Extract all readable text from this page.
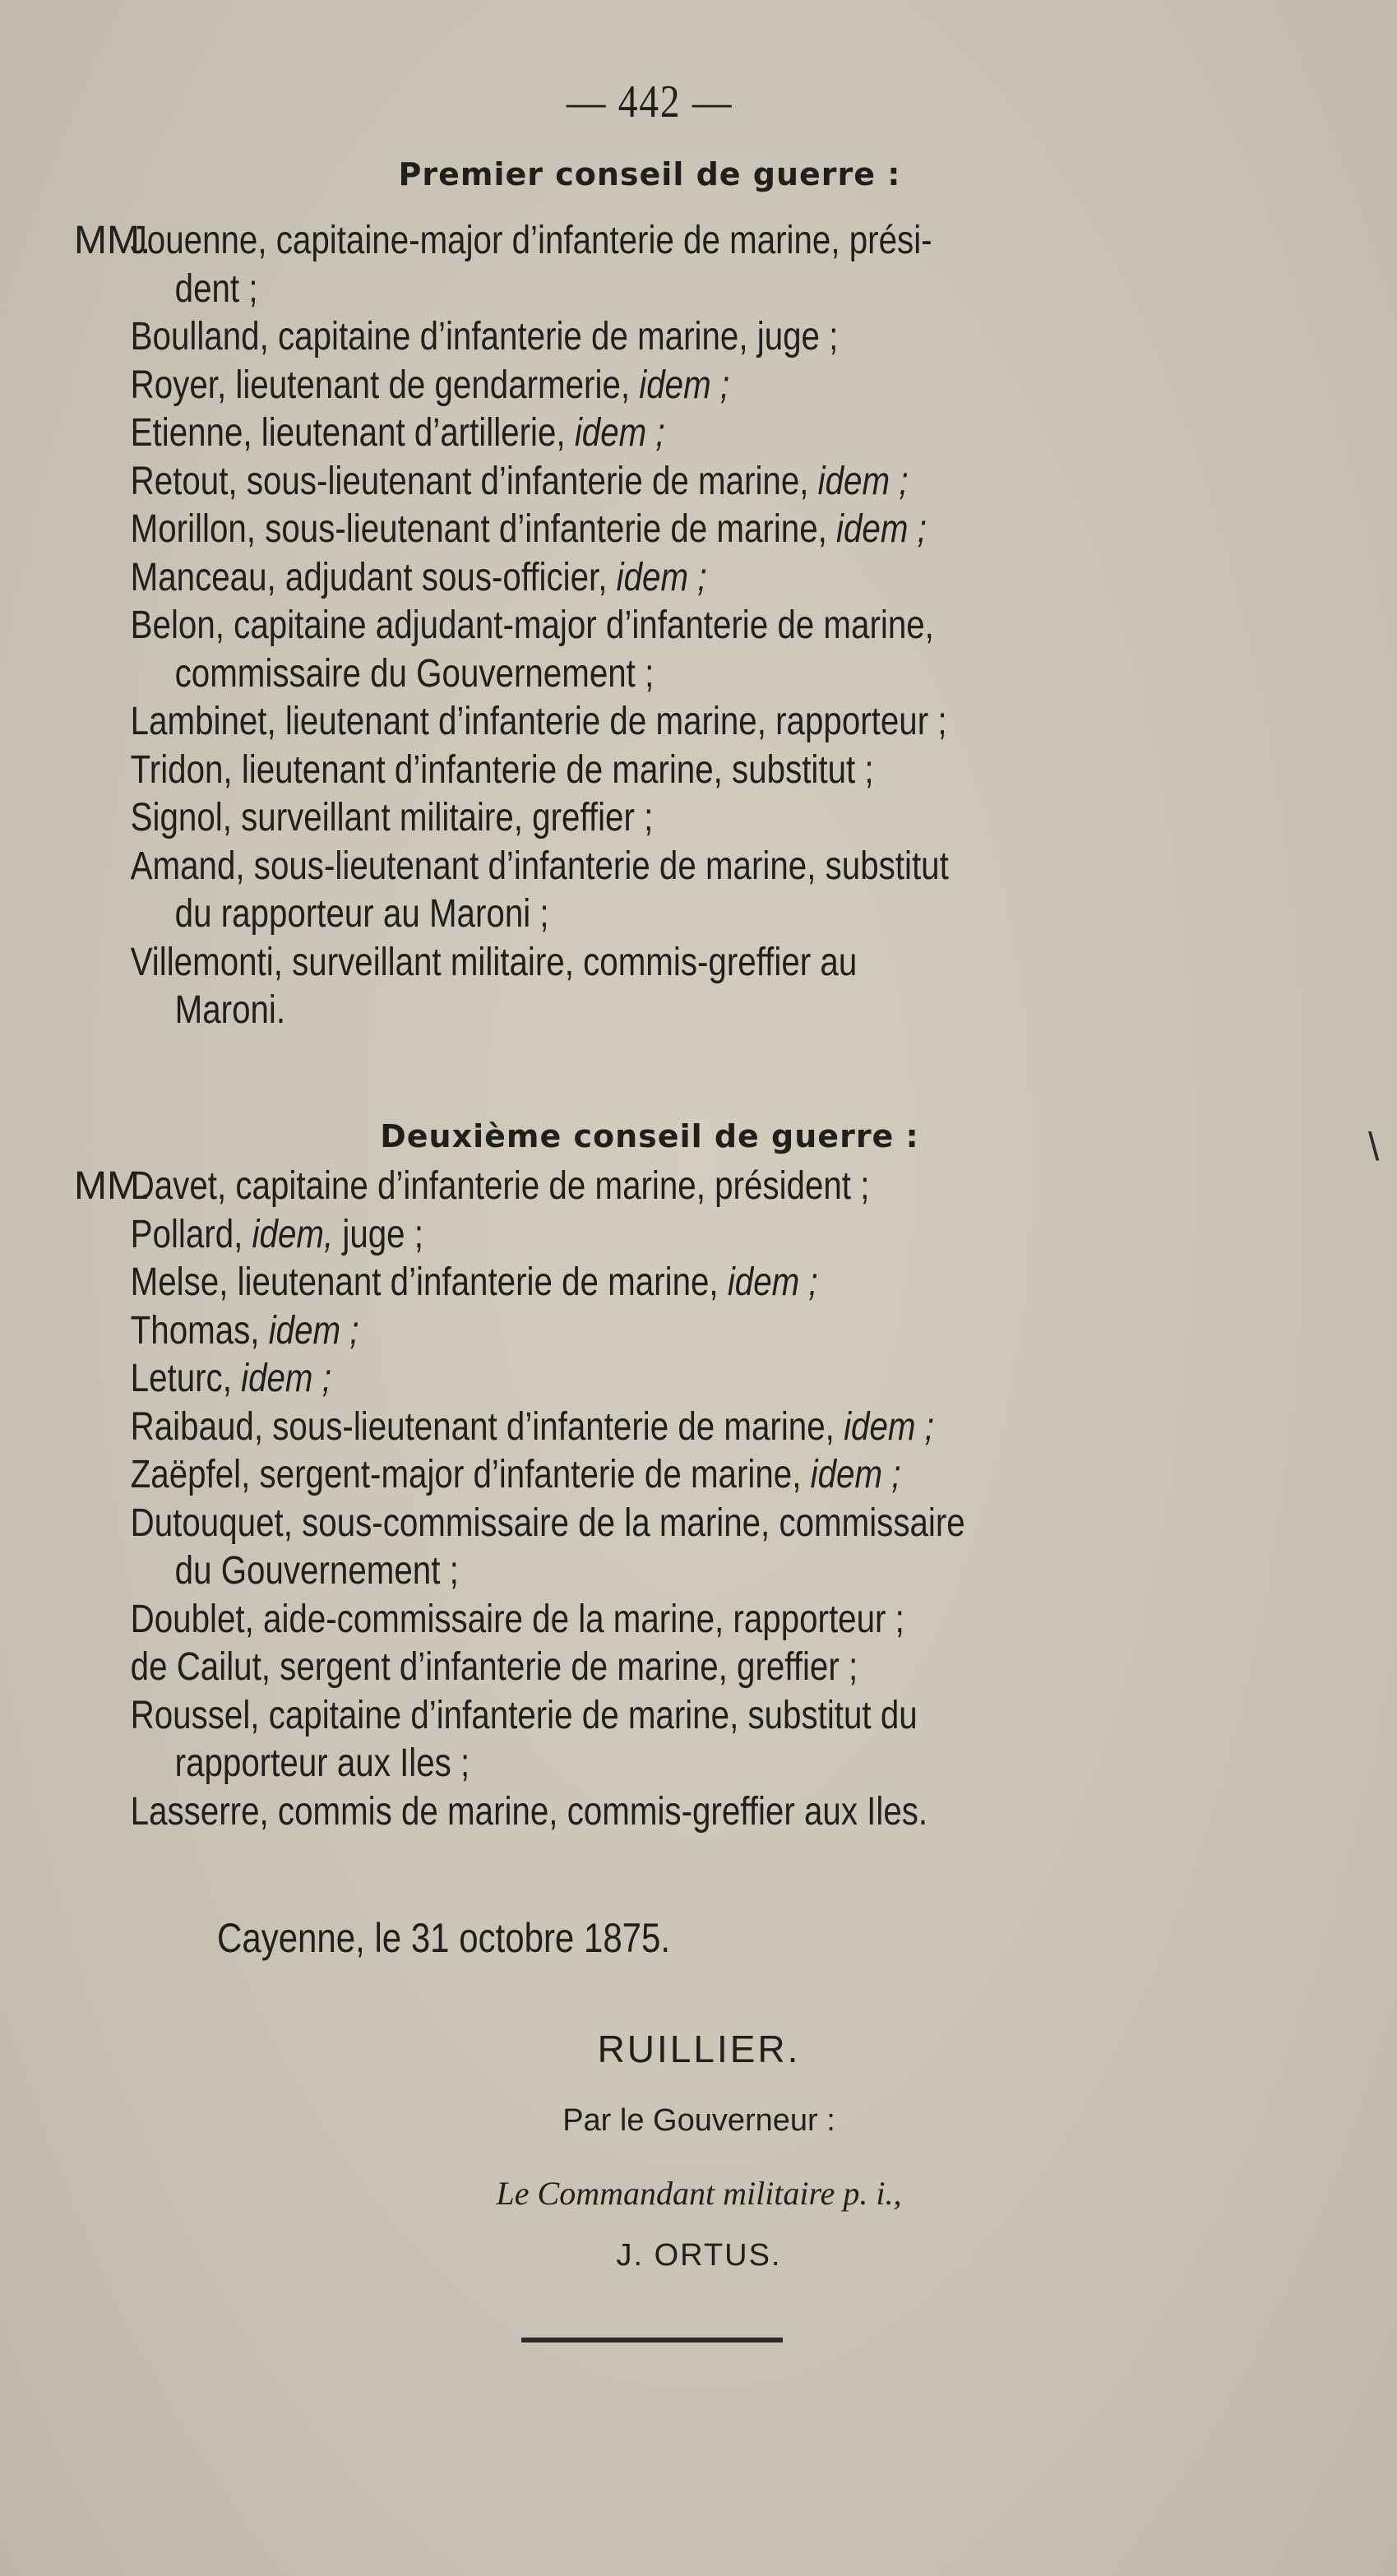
— 442 —
Premier conseil de guerre :
MM.
Jouenne, capitaine-major d’infanterie de marine, prési-
dent ;
Boulland, capitaine d’infanterie de marine, juge ;
Royer, lieutenant de gendarmerie, idem ;
Etienne, lieutenant d’artillerie, idem ;
Retout, sous-lieutenant d’infanterie de marine, idem ;
Morillon, sous-lieutenant d’infanterie de marine, idem ;
Manceau, adjudant sous-officier, idem ;
Belon, capitaine adjudant-major d’infanterie de marine,
commissaire du Gouvernement ;
Lambinet, lieutenant d’infanterie de marine, rapporteur ;
Tridon, lieutenant d’infanterie de marine, substitut ;
Signol, surveillant militaire, greffier ;
Amand, sous-lieutenant d’infanterie de marine, substitut
du rapporteur au Maroni ;
Villemonti, surveillant militaire, commis-greffier au
Maroni.
Deuxième conseil de guerre :	\
MM.
Davet, capitaine d’infanterie de marine, président ;
Pollard, idem, juge ;
Melse, lieutenant d’infanterie de marine, idem ;
Thomas, idem ;
Leturc, idem ;
Raibaud, sous-lieutenant d’infanterie de marine, idem ;
Zaëpfel, sergent-major d’infanterie de marine, idem ;
Dutouquet, sous-commissaire de la marine, commissaire
du Gouvernement ;
Doublet, aide-commissaire de la marine, rapporteur ;
de Cailut, sergent d’infanterie de marine, greffier ;
Roussel, capitaine d’infanterie de marine, substitut du
rapporteur aux Iles ;
Lasserre, commis de marine, commis-greffier aux Iles.
Cayenne, le 31 octobre 1875.
RUILLIER.
Par le Gouverneur :
Le Commandant militaire p. i.,
J. ORTUS.
